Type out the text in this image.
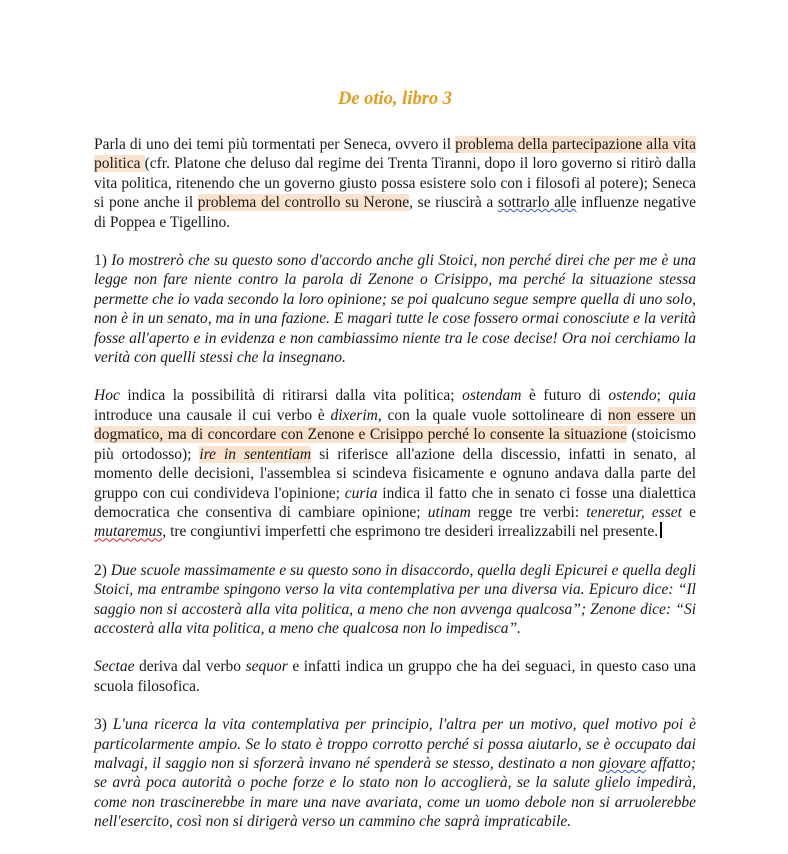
De otio, libro 3

Parla di uno dei temi più tormentati per Seneca, ovvero il problema della partecipazione alla vita politica (cfr. Platone che deluso dal regime dei Trenta Tiranni, dopo il loro governo si ritirò dalla vita politica, ritenendo che un governo giusto possa esistere solo con i filosofi al potere); Seneca si pone anche il problema del controllo su Nerone, se riuscirà a sottrarlo alle influenze negative di Poppea e Tigellino.

1) Io mostrerò che su questo sono d'accordo anche gli Stoici, non perché direi che per me è una legge non fare niente contro la parola di Zenone o Crisippo, ma perché la situazione stessa permette che io vada secondo la loro opinione; se poi qualcuno segue sempre quella di uno solo, non è in un senato, ma in una fazione. E magari tutte le cose fossero ormai conosciute e la verità fosse all'aperto e in evidenza e non cambiassimo niente tra le cose decise! Ora noi cerchiamo la verità con quelli stessi che la insegnano.

Hoc indica la possibilità di ritirarsi dalla vita politica; ostendam è futuro di ostendo; quia introduce una causale il cui verbo è dixerim, con la quale vuole sottolineare di non essere un dogmatico, ma di concordare con Zenone e Crisippo perché lo consente la situazione (stoicismo più ortodosso); ire in sententiam si riferisce all'azione della discessio, infatti in senato, al momento delle decisioni, l'assemblea si scindeva fisicamente e ognuno andava dalla parte del gruppo con cui condivideva l'opinione; curia indica il fatto che in senato ci fosse una dialettica democratica che consentiva di cambiare opinione; utinam regge tre verbi: teneretur, esset e mutaremus, tre congiuntivi imperfetti che esprimono tre desideri irrealizzabili nel presente.

2) Due scuole massimamente e su questo sono in disaccordo, quella degli Epicurei e quella degli Stoici, ma entrambe spingono verso la vita contemplativa per una diversa via. Epicuro dice: “Il saggio non si accosterà alla vita politica, a meno che non avvenga qualcosa”; Zenone dice: “Si accosterà alla vita politica, a meno che qualcosa non lo impedisca”.

Sectae deriva dal verbo sequor e infatti indica un gruppo che ha dei seguaci, in questo caso una scuola filosofica.

3) L'una ricerca la vita contemplativa per principio, l'altra per un motivo, quel motivo poi è particolarmente ampio. Se lo stato è troppo corrotto perché si possa aiutarlo, se è occupato dai malvagi, il saggio non si sforzerà invano né spenderà se stesso, destinato a non giovare affatto; se avrà poca autorità o poche forze e lo stato non lo accoglierà, se la salute glielo impedirà, come non trascinerebbe in mare una nave avariata, come un uomo debole non si arruolerebbe nell'esercito, così non si dirigerà verso un cammino che saprà impraticabile.
